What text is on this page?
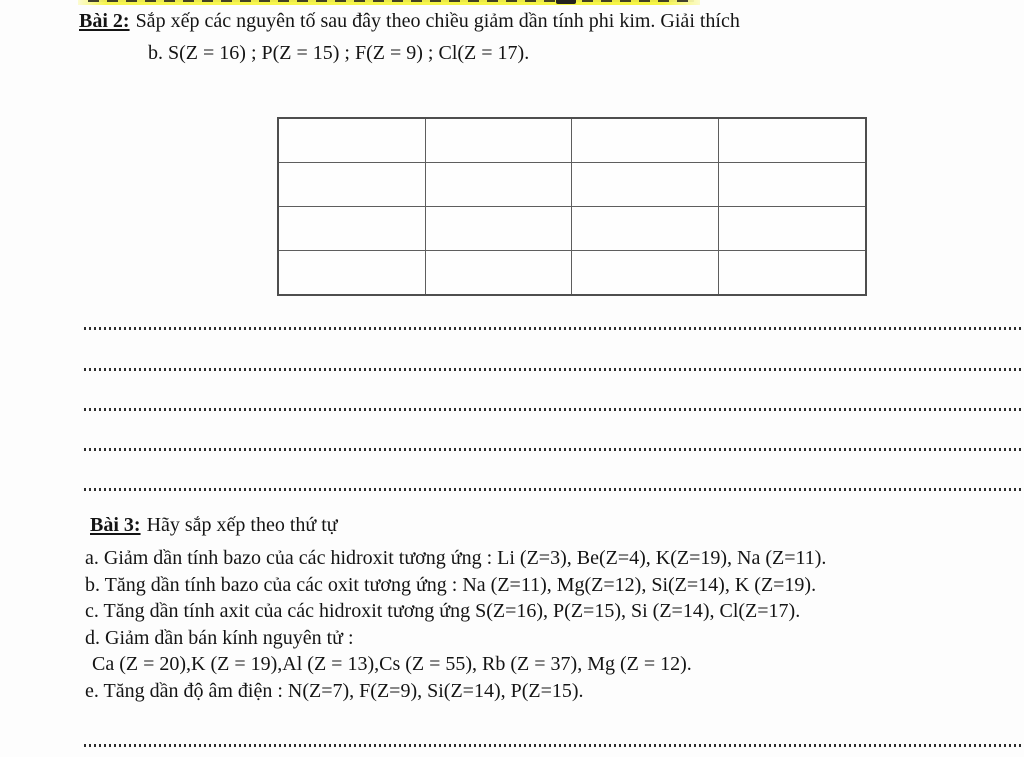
Bài 2: Sắp xếp các nguyên tố sau đây theo chiều giảm dần tính phi kim. Giải thích
b. S(Z = 16) ; P(Z = 15) ; F(Z = 9) ; Cl(Z = 17).

Bài 3: Hãy sắp xếp theo thứ tự
a. Giảm dần tính bazo của các hidroxit tương ứng : Li (Z=3), Be(Z=4), K(Z=19), Na (Z=11).
b. Tăng dần tính bazo của các oxit tương ứng : Na (Z=11), Mg(Z=12), Si(Z=14), K (Z=19).
c. Tăng dần tính axit của các hidroxit tương ứng S(Z=16), P(Z=15), Si (Z=14), Cl(Z=17).
d. Giảm dần bán kính nguyên tử :
Ca (Z = 20),K (Z = 19),Al (Z = 13),Cs (Z = 55), Rb (Z = 37), Mg (Z = 12).
e. Tăng dần độ âm điện : N(Z=7), F(Z=9), Si(Z=14), P(Z=15).
